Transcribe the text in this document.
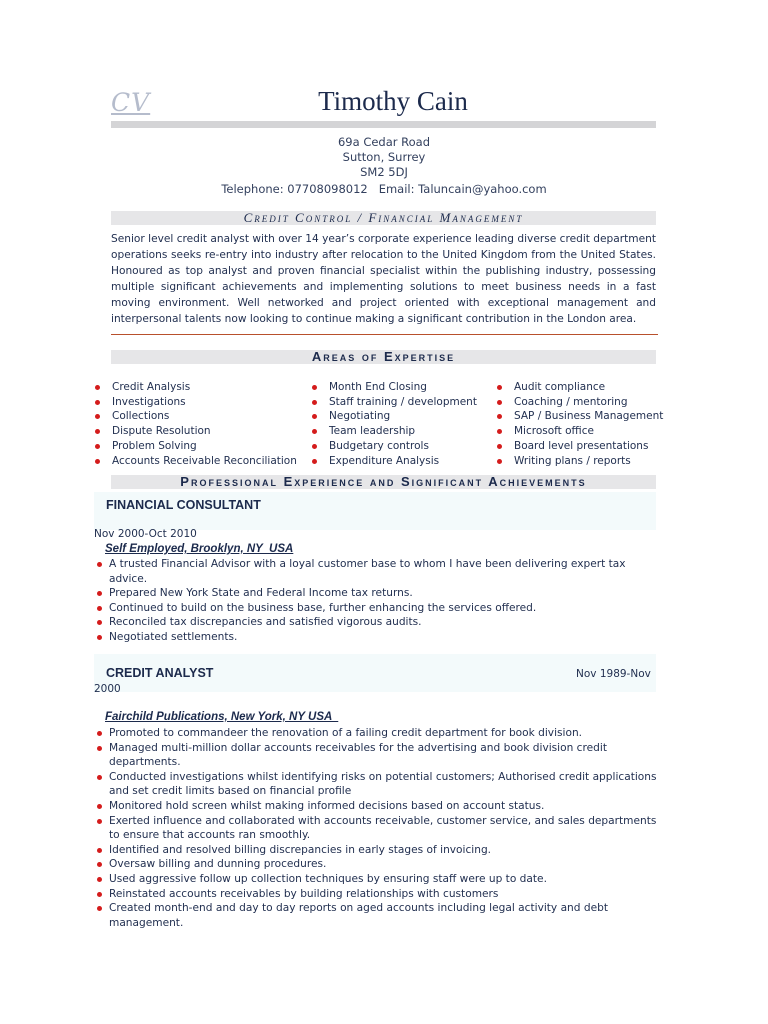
CV	Timothy Cain
69a Cedar Road
Sutton, Surrey
SM2 5DJ
Telephone: 07708098012   Email: Taluncain@yahoo.com
Credit Control / Financial Management
Senior level credit analyst with over 14 year’s corporate experience leading diverse credit department operations seeks re-entry into industry after relocation to the United Kingdom from the United States. Honoured as top analyst and proven financial specialist within the publishing industry, possessing multiple significant achievements and implementing solutions to meet business needs in a fast moving environment. Well networked and project oriented with exceptional management and interpersonal talents now looking to continue making a significant contribution in the London area.
Areas of Expertise
Credit Analysis
Investigations
Collections
Dispute Resolution
Problem Solving
Accounts Receivable Reconciliation
Month End Closing
Staff training / development
Negotiating
Team leadership
Budgetary controls
Expenditure Analysis
Audit compliance
Coaching / mentoring
SAP / Business Management
Microsoft office
Board level presentations
Writing plans / reports
Professional Experience and Significant Achievements
FINANCIAL CONSULTANT
Nov 2000-Oct 2010
Self Employed, Brooklyn, NY  USA
A trusted Financial Advisor with a loyal customer base to whom I have been delivering expert tax advice.
Prepared New York State and Federal Income tax returns.
Continued to build on the business base, further enhancing the services offered.
Reconciled tax discrepancies and satisfied vigorous audits.
Negotiated settlements.
CREDIT ANALYST	Nov 1989-Nov
2000
Fairchild Publications, New York, NY USA
Promoted to commandeer the renovation of a failing credit department for book division.
Managed multi-million dollar accounts receivables for the advertising and book division credit departments.
Conducted investigations whilst identifying risks on potential customers; Authorised credit applications and set credit limits based on financial profile
Monitored hold screen whilst making informed decisions based on account status.
Exerted influence and collaborated with accounts receivable, customer service, and sales departments to ensure that accounts ran smoothly.
Identified and resolved billing discrepancies in early stages of invoicing.
Oversaw billing and dunning procedures.
Used aggressive follow up collection techniques by ensuring staff were up to date.
Reinstated accounts receivables by building relationships with customers
Created month-end and day to day reports on aged accounts including legal activity and debt management.
